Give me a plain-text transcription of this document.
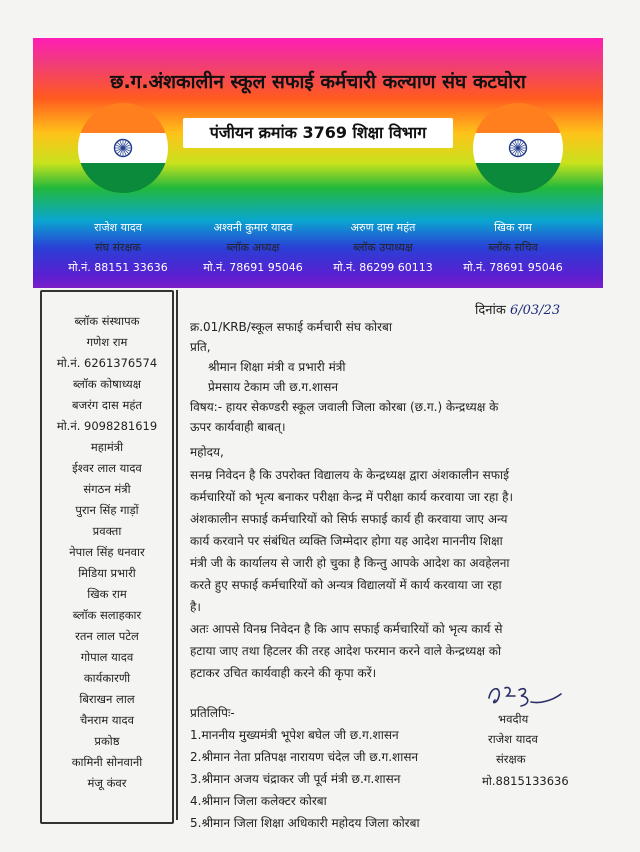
छ.ग.अंशकालीन स्कूल सफाई कर्मचारी कल्याण संघ कटघोरा
पंजीयन क्रमांक 3769 शिक्षा विभाग
राजेश यादव
संघ संरक्षक
मो.नं. 88151 33636
अश्वनी कुमार यादव
ब्लॉक अध्यक्ष
मो.नं. 78691 95046
अरुण दास महंत
ब्लॉक उपाध्यक्ष
मो.नं. 86299 60113
खिक राम
ब्लॉक सचिव
मो.नं. 78691 95046
ब्लॉक संस्थापक
गणेश राम
मो.नं. 6261376574
ब्लॉक कोषाध्यक्ष
बजरंग दास महंत
मो.नं. 9098281619
महामंत्री
ईश्वर लाल यादव
संगठन मंत्री
पुरान सिंह गाड़ों
प्रवक्ता
नेपाल सिंह धनवार
मिडिया प्रभारी
खिक राम
ब्लॉक सलाहकार
रतन लाल पटेल
गोपाल यादव
कार्यकारणी
बिराखन लाल
चैनराम यादव
प्रकोष्ठ
कामिनी सोनवानी
मंजू कंवर
दिनांक 6/03/23
क्र.01/KRB/स्कूल सफाई कर्मचारी संघ कोरबा
प्रति,
श्रीमान शिक्षा मंत्री व प्रभारी मंत्री
प्रेमसाय टेकाम जी छ.ग.शासन
विषय:- हायर सेकण्डरी स्कूल जवाली जिला कोरबा (छ.ग.) केन्द्रध्यक्ष के
ऊपर कार्यवाही बाबत्।
महोदय,
सनम्र निवेदन है कि उपरोक्त विद्यालय के केन्द्रध्यक्ष द्वारा अंशकालीन सफाई
कर्मचारियों को भृत्य बनाकर परीक्षा केन्द्र में परीक्षा कार्य करवाया जा रहा है।
अंशकालीन सफाई कर्मचारियों को सिर्फ सफाई कार्य ही करवाया जाए अन्य
कार्य करवाने पर संबंधित व्यक्ति जिम्मेदार होगा यह आदेश माननीय शिक्षा
मंत्री जी के कार्यालय से जारी हो चुका है किन्तु आपके आदेश का अवहेलना
करते हुए सफाई कर्मचारियों को अन्यत्र विद्यालयों में कार्य करवाया जा रहा
है।
अतः आपसे विनम्र निवेदन है कि आप सफाई कर्मचारियों को भृत्य कार्य से
हटाया जाए तथा हिटलर की तरह आदेश फरमान करने वाले केन्द्रध्यक्ष को
हटाकर उचित कार्यवाही करने की कृपा करें।
प्रतिलिपिः-
1.माननीय मुख्यमंत्री भूपेश बघेल जी छ.ग.शासन
2.श्रीमान नेता प्रतिपक्ष नारायण चंदेल जी छ.ग.शासन
3.श्रीमान अजय चंद्राकर जी पूर्व मंत्री छ.ग.शासन
4.श्रीमान जिला कलेक्टर कोरबा
5.श्रीमान जिला शिक्षा अधिकारी महोदय जिला कोरबा
भवदीय
राजेश यादव
संरक्षक
मो.8815133636
